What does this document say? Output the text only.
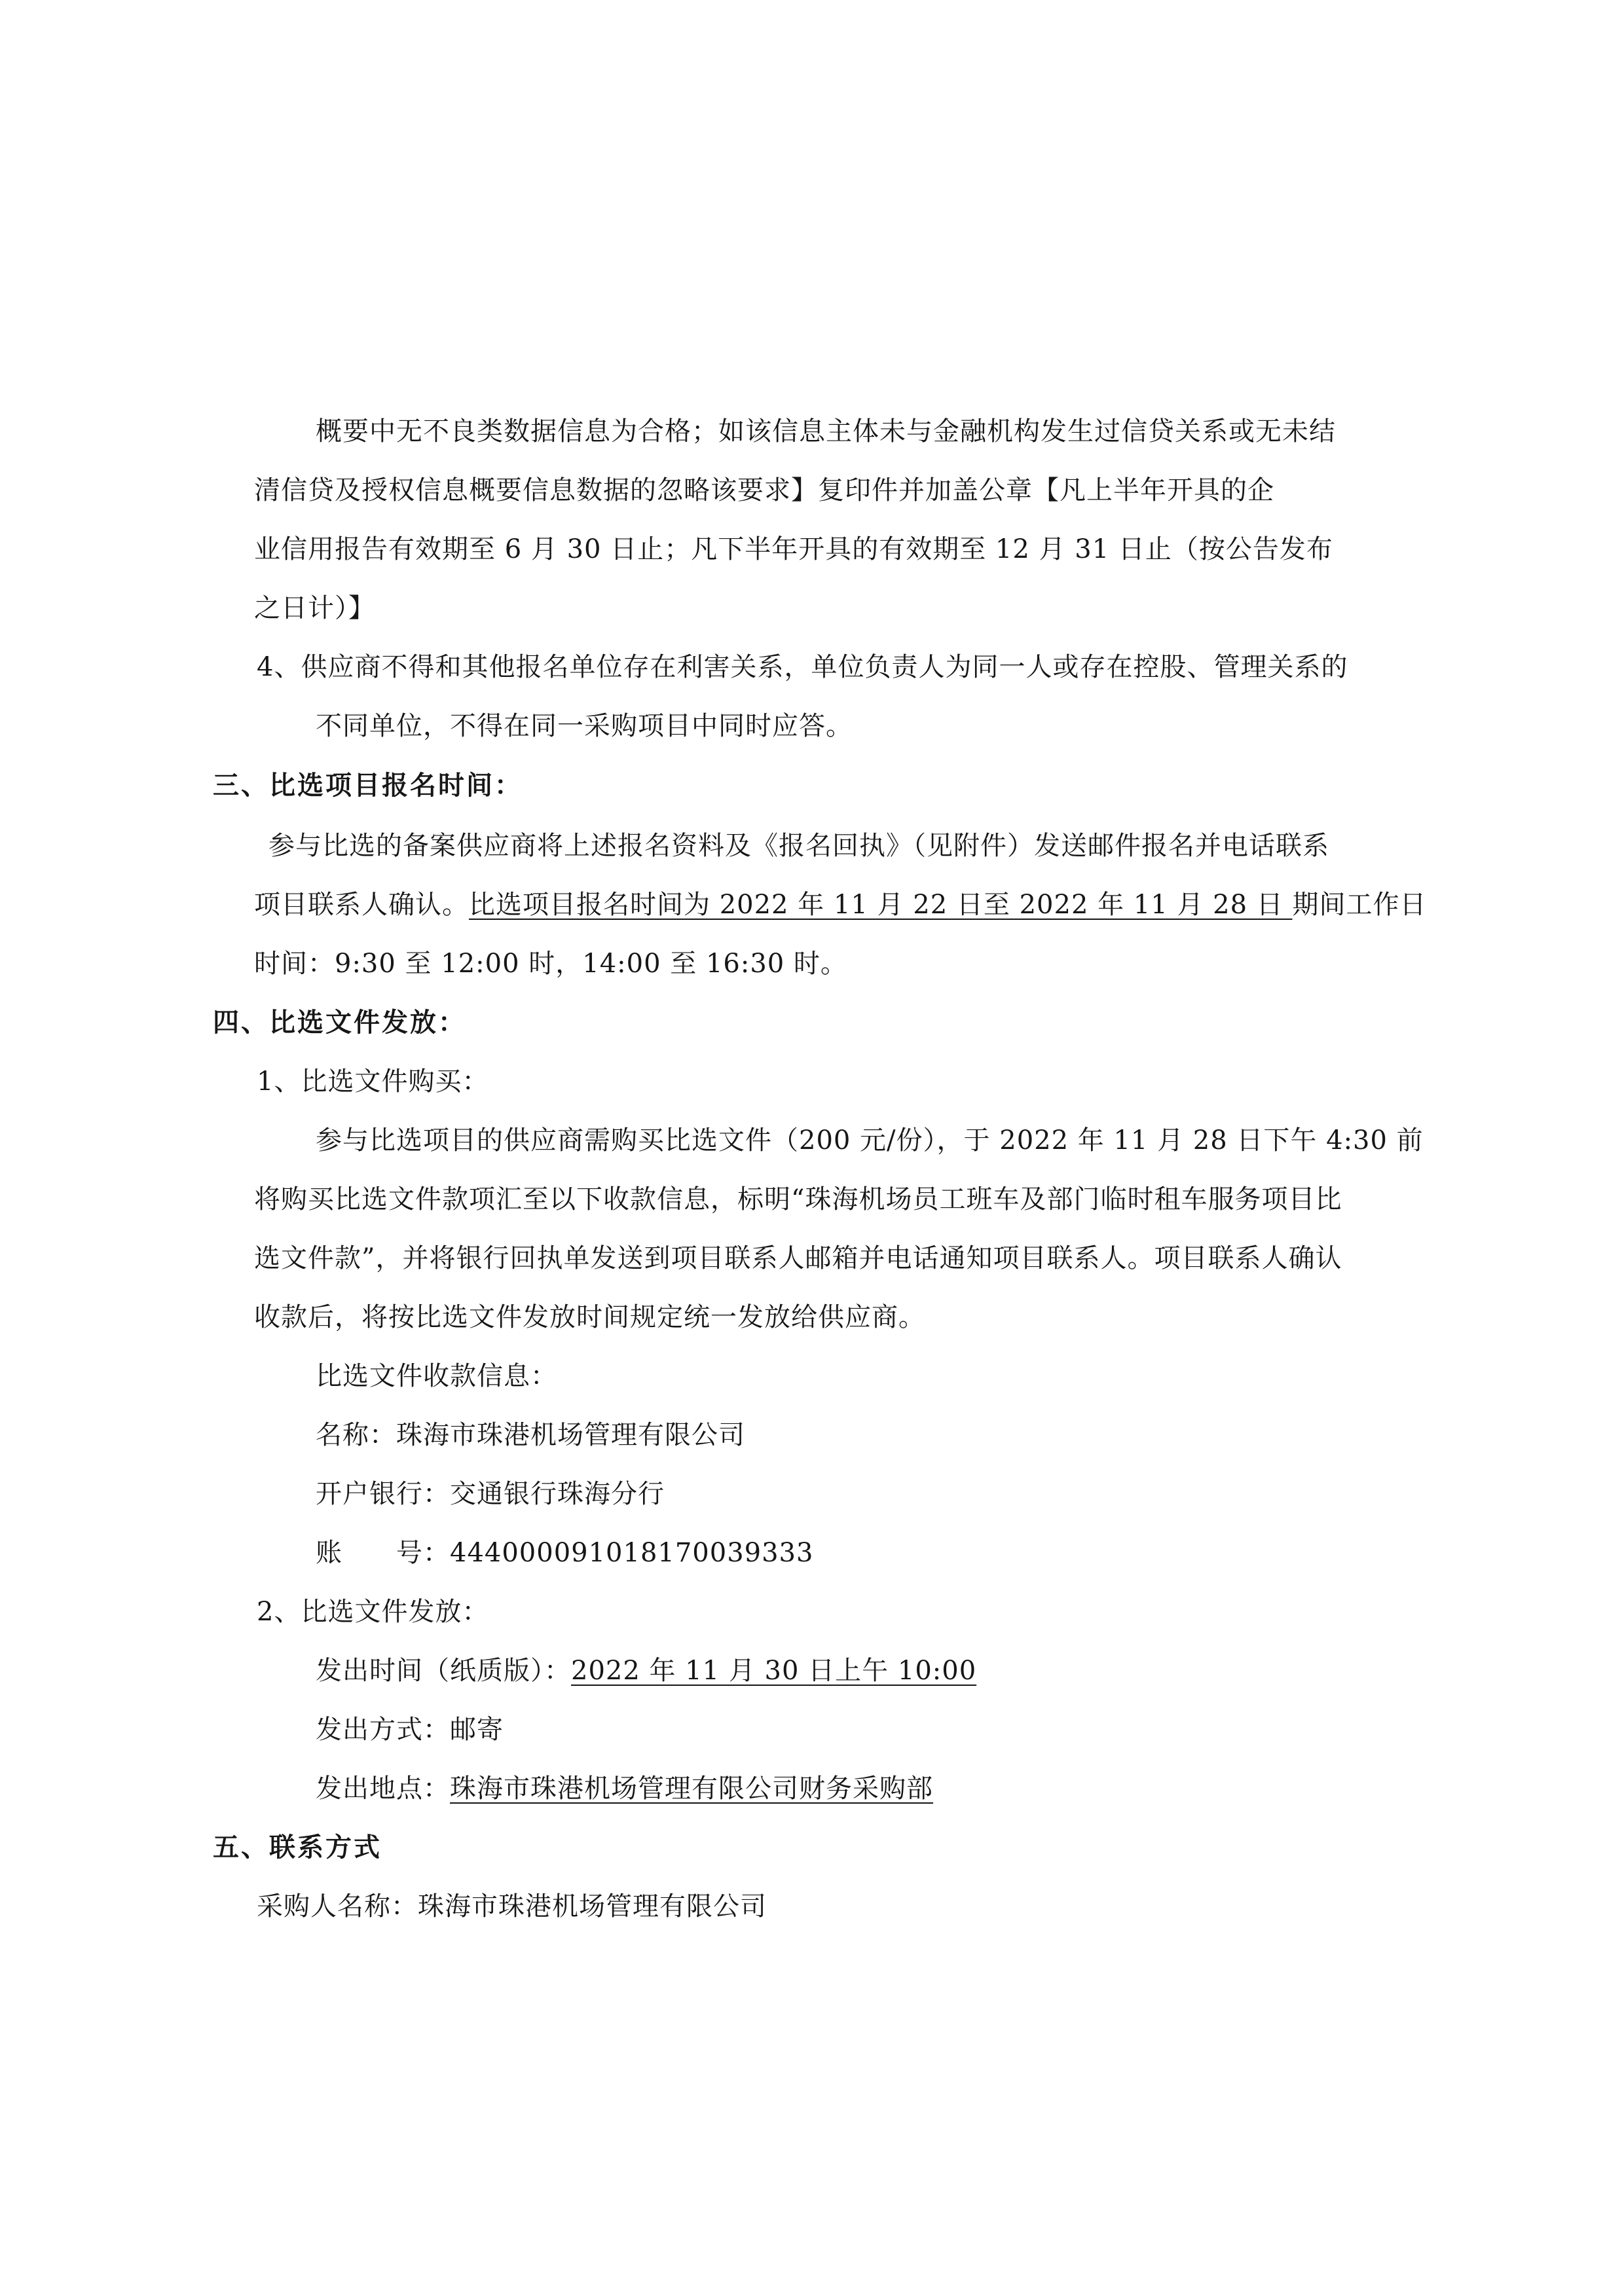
概要中无不良类数据信息为合格；如该信息主体未与金融机构发生过信贷关系或无未结
清信贷及授权信息概要信息数据的忽略该要求】复印件并加盖公章【凡上半年开具的企
业信用报告有效期至 6 月 30 日止；凡下半年开具的有效期至 12 月 31 日止（按公告发布
之日计）】
4、供应商不得和其他报名单位存在利害关系，单位负责人为同一人或存在控股、管理关系的
不同单位，不得在同一采购项目中同时应答。
三、比选项目报名时间：
参与比选的备案供应商将上述报名资料及《报名回执》（见附件）发送邮件报名并电话联系
项目联系人确认。比选项目报名时间为 2022 年 11 月 22 日至 2022 年 11 月 28 日 期间工作日
时间：9:30 至 12:00 时，14:00 至 16:30 时。
四、比选文件发放：
1、比选文件购买：
参与比选项目的供应商需购买比选文件（200 元/份），于 2022 年 11 月 28 日下午 4:30 前
将购买比选文件款项汇至以下收款信息，标明“珠海机场员工班车及部门临时租车服务项目比
选文件款”，并将银行回执单发送到项目联系人邮箱并电话通知项目联系人。项目联系人确认
收款后，将按比选文件发放时间规定统一发放给供应商。
比选文件收款信息：
名称：珠海市珠港机场管理有限公司
开户银行：交通银行珠海分行
账　　号：444000091018170039333
2、比选文件发放：
发出时间（纸质版）：2022 年 11 月 30 日上午 10:00
发出方式：邮寄
发出地点：珠海市珠港机场管理有限公司财务采购部
五、联系方式
采购人名称：珠海市珠港机场管理有限公司
